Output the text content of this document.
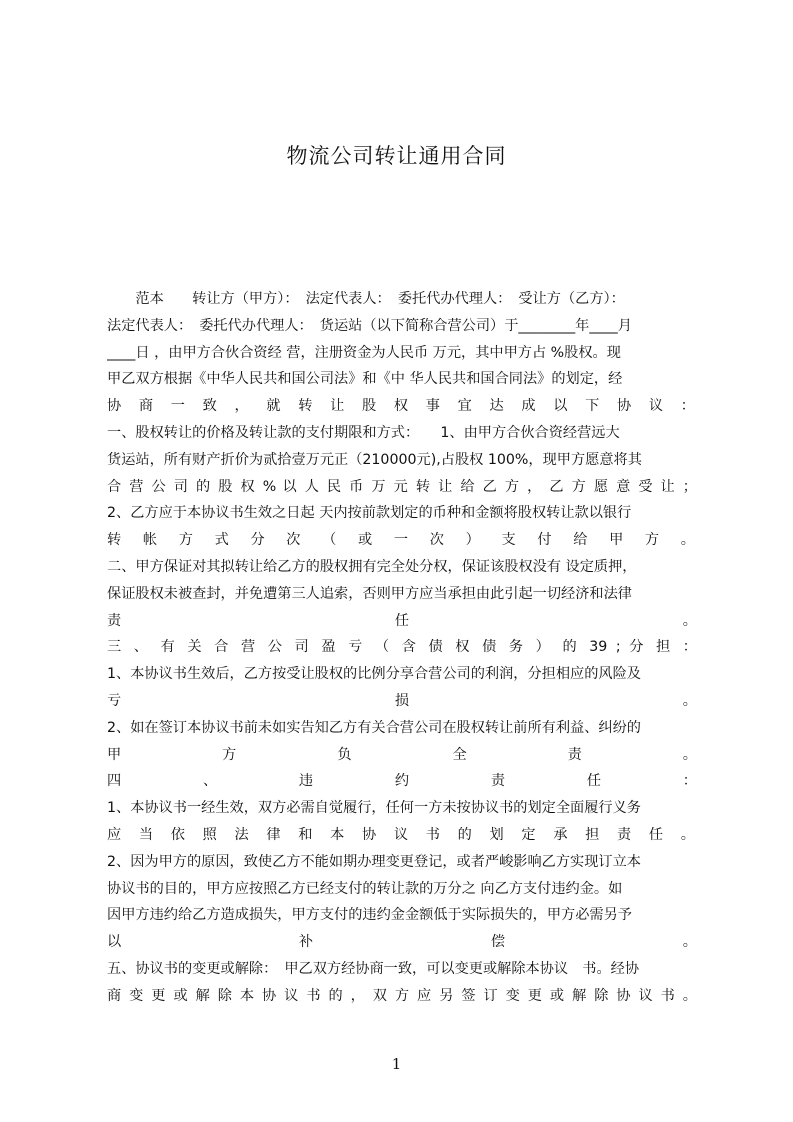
物流公司转让通用合同
　　范本　　转让方（甲方）：　法定代表人：　委托代办代理人：　受让方（乙方）：
法定代表人：　委托代办代理人：　货运站（以下简称合营公司）于________年____月
____日 ，由甲方合伙合资经 营，注册资金为人民币 万元，其中甲方占 %股权。现
甲乙双方根据《中华人民共和国公司法》和《中 华人民共和国合同法》的划定，经
协 商 一 致 ， 就 转 让 股 权 事 宜 达 成 以 下 协 议 ：
一、股权转让的价格及转让款的支付期限和方式：　　1、由甲方合伙合资经营远大
货运站，所有财产折价为贰拾壹万元正（210000元),占股权 100%，现甲方愿意将其
合 营 公 司 的 股 权 % 以 人 民 币 万 元 转 让 给 乙 方 ， 乙 方 愿 意 受 让 ；
2、乙方应于本协议书生效之日起 天内按前款划定的币种和金额将股权转让款以银行
转 帐 方 式 分 次 （ 或 一 次 ） 支 付 给 甲 方 。
二、甲方保证对其拟转让给乙方的股权拥有完全处分权，保证该股权没有 设定质押，
保证股权未被查封，并免遭第三人追索，否则甲方应当承担由此引起一切经济和法律
责 任 。
三 、 有 关 合 营 公 司 盈 亏 （ 含 债 权 债 务 ） 的 39 ; 分 担 ：
1、本协议书生效后，乙方按受让股权的比例分享合营公司的利润，分担相应的风险及
亏 损 。
2、如在签订本协议书前未如实告知乙方有关合营公司在股权转让前所有利益、纠纷的
甲 方 负 全 责 。
四 、 违 约 责 任 ：
1、本协议书一经生效，双方必需自觉履行，任何一方未按协议书的划定全面履行义务
应 当 依 照 法 律 和 本 协 议 书 的 划 定 承 担 责 任 。
2、因为甲方的原因，致使乙方不能如期办理变更登记，或者严峻影响乙方实现订立本
协议书的目的，甲方应按照乙方已经支付的转让款的万分之 向乙方支付违约金。如
因甲方违约给乙方造成损失，甲方支付的违约金金额低于实际损失的，甲方必需另予
以 补 偿 。
五、协议书的变更或解除：　甲乙双方经协商一致，可以变更或解除本协议　书。经协
商 变 更 或 解 除 本 协 议 书 的 ， 双 方 应 另 签 订 变 更 或 解 除 协 议 书 。
1
